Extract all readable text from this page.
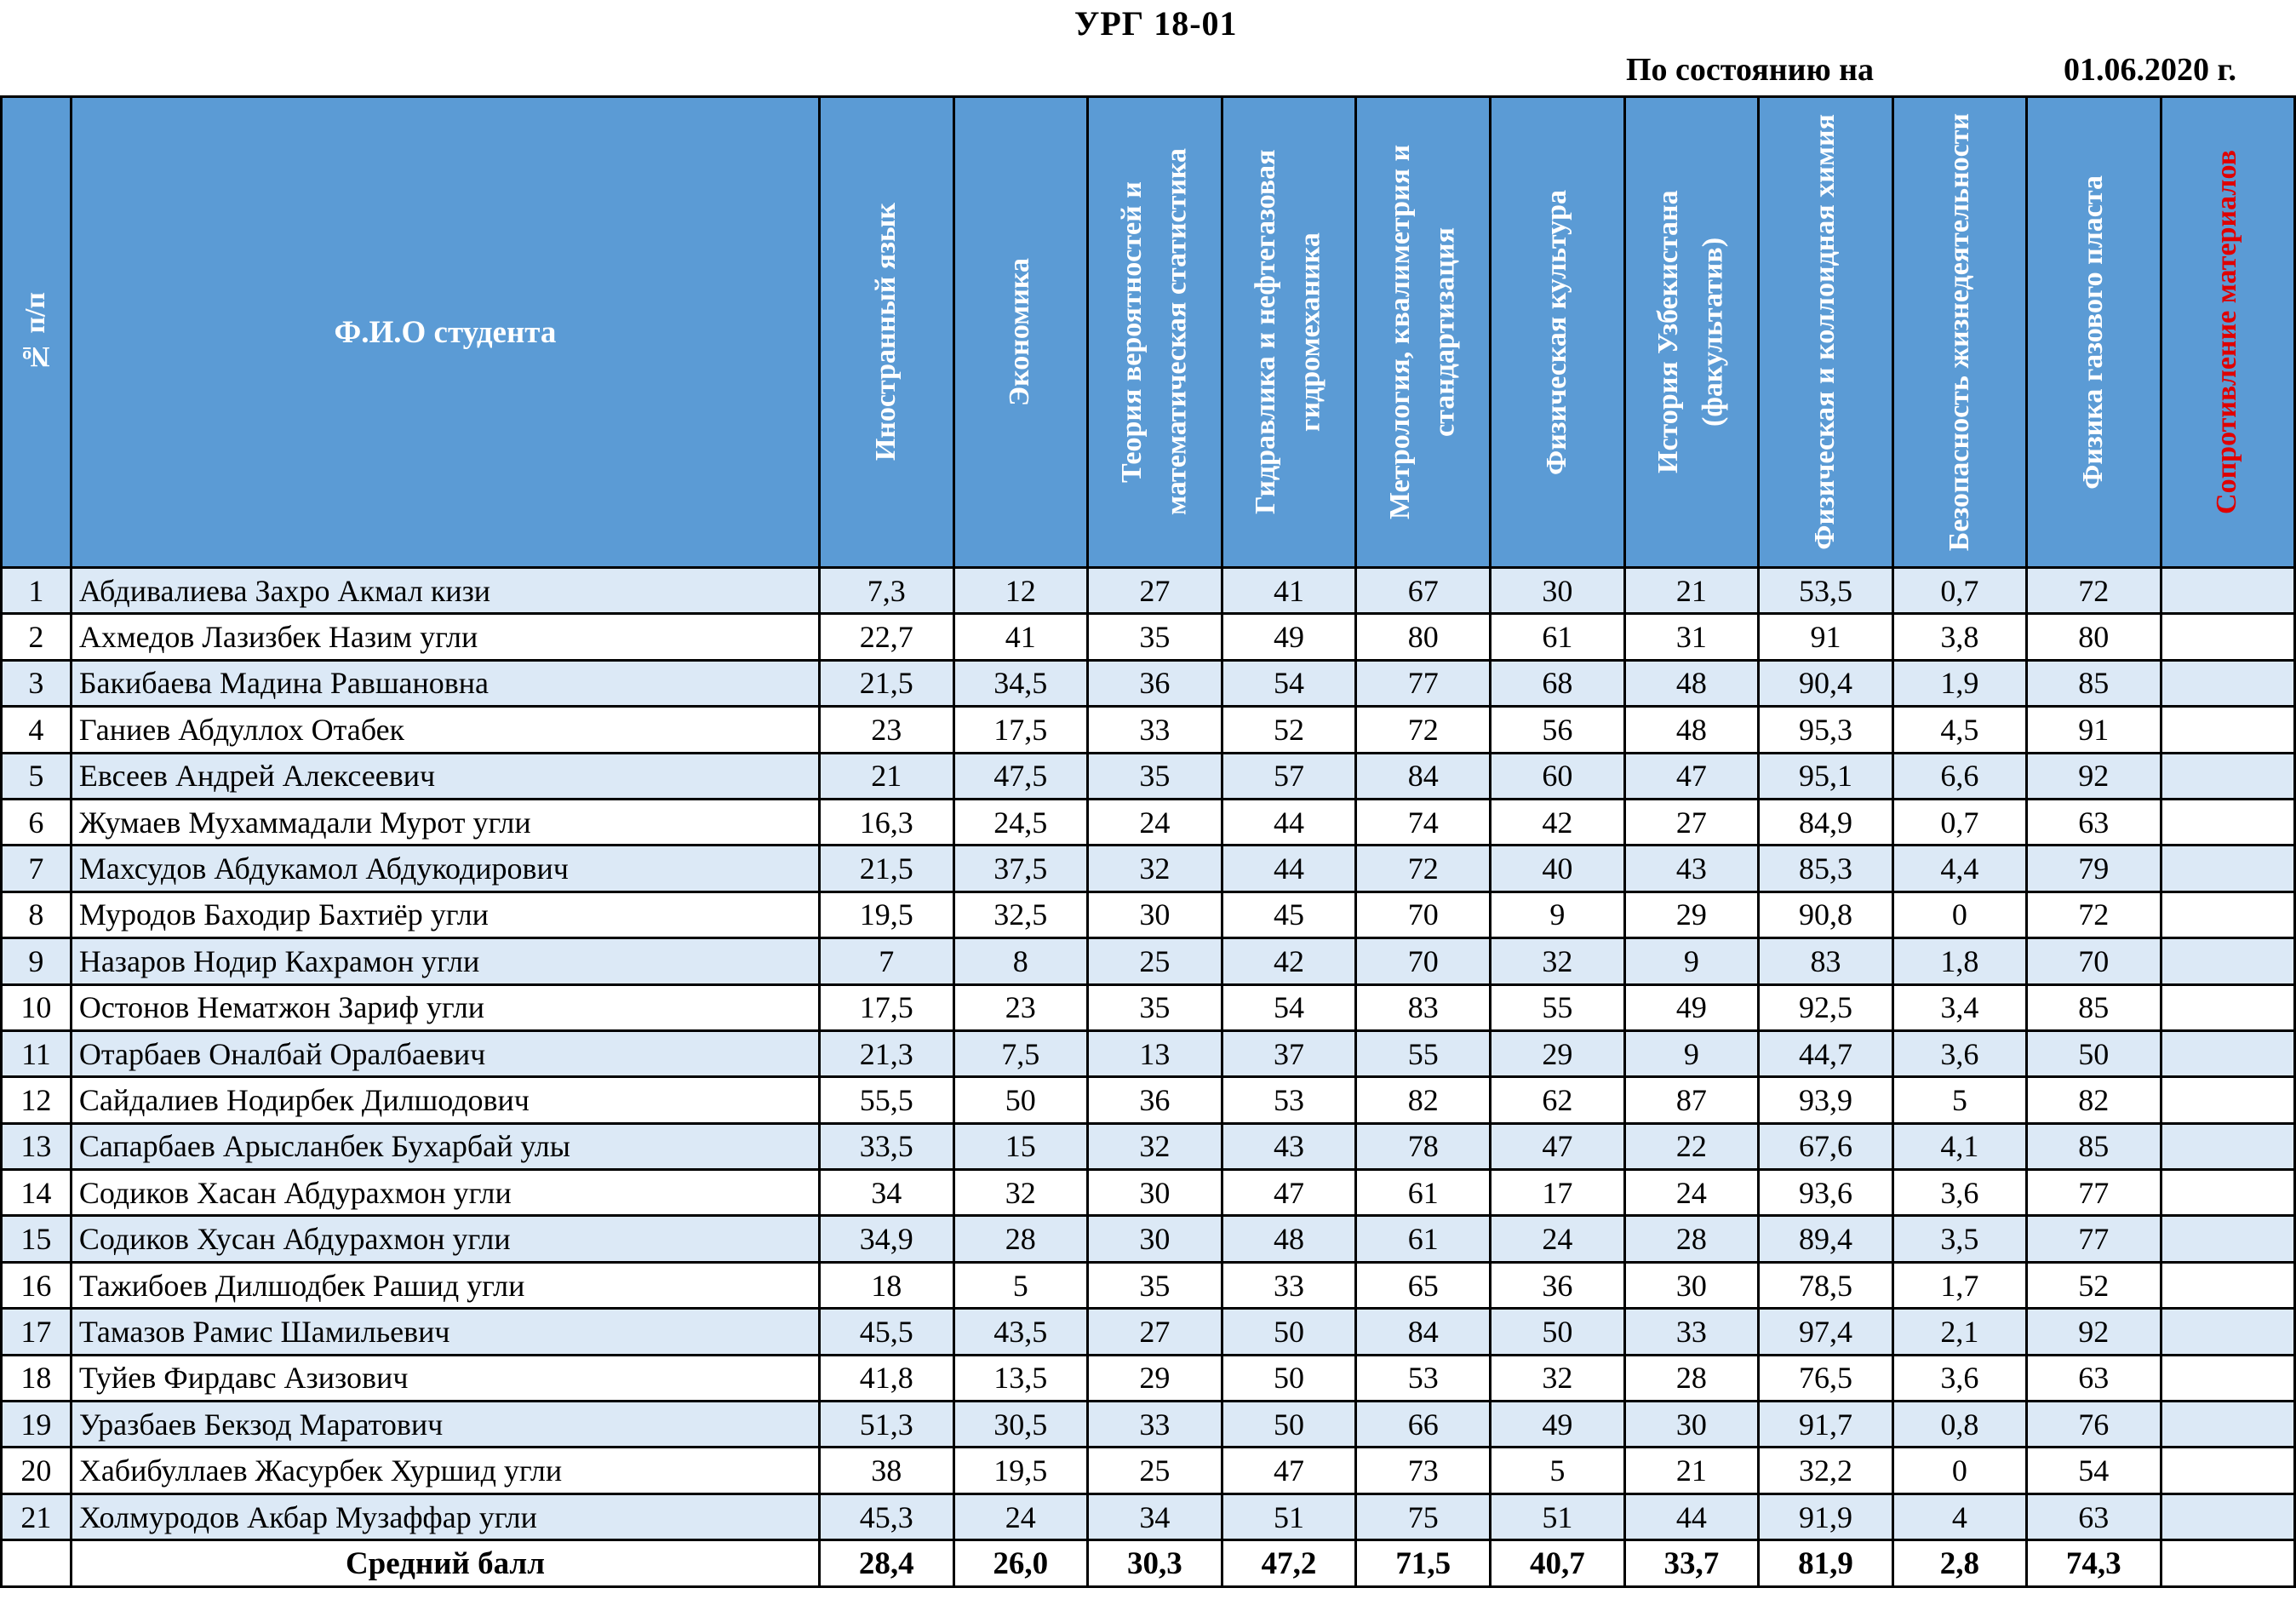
УРГ 18-01
По состоянию на	01.06.2020 г.
№ п/п	Ф.И.О студента	Иностранный язык	Экономика	Теория вероятностей и математическая статистика	Гидравлика и нефтегазовая гидромеханика	Метрология, квалиметрия и стандартизация	Физическая культура	История Узбекистана (факультатив)	Физическая и коллоидная химия	Безопасность жизнедеятельности	Физика газового пласта	Сопротивление материалов

1	Абдивалиева Захро Акмал кизи	7,3	12	27	41	67	30	21	53,5	0,7	72	
2	Ахмедов Лазизбек Назим угли	22,7	41	35	49	80	61	31	91	3,8	80	
3	Бакибаева Мадина Равшановна	21,5	34,5	36	54	77	68	48	90,4	1,9	85	
4	Ганиев Абдуллох Отабек	23	17,5	33	52	72	56	48	95,3	4,5	91	
5	Евсеев Андрей Алексеевич	21	47,5	35	57	84	60	47	95,1	6,6	92	
6	Жумаев Мухаммадали Мурот угли	16,3	24,5	24	44	74	42	27	84,9	0,7	63	
7	Махсудов Абдукамол Абдукодирович	21,5	37,5	32	44	72	40	43	85,3	4,4	79	
8	Муродов Баходир Бахтиёр угли	19,5	32,5	30	45	70	9	29	90,8	0	72	
9	Назаров Нодир Кахрамон угли	7	8	25	42	70	32	9	83	1,8	70	
10	Остонов Нематжон Зариф угли	17,5	23	35	54	83	55	49	92,5	3,4	85	
11	Отарбаев Оналбай Оралбаевич	21,3	7,5	13	37	55	29	9	44,7	3,6	50	
12	Сайдалиев Нодирбек Дилшодович	55,5	50	36	53	82	62	87	93,9	5	82	
13	Сапарбаев Арысланбек Бухарбай улы	33,5	15	32	43	78	47	22	67,6	4,1	85	
14	Содиков Хасан Абдурахмон угли	34	32	30	47	61	17	24	93,6	3,6	77	
15	Содиков Хусан Абдурахмон угли	34,9	28	30	48	61	24	28	89,4	3,5	77	
16	Тажибоев Дилшодбек Рашид угли	18	5	35	33	65	36	30	78,5	1,7	52	
17	Тамазов Рамис Шамильевич	45,5	43,5	27	50	84	50	33	97,4	2,1	92	
18	Туйев Фирдавс Азизович	41,8	13,5	29	50	53	32	28	76,5	3,6	63	
19	Уразбаев Бекзод Маратович	51,3	30,5	33	50	66	49	30	91,7	0,8	76	
20	Хабибуллаев Жасурбек Хуршид угли	38	19,5	25	47	73	5	21	32,2	0	54	
21	Холмуродов Акбар Музаффар угли	45,3	24	34	51	75	51	44	91,9	4	63	
	Средний балл	28,4	26,0	30,3	47,2	71,5	40,7	33,7	81,9	2,8	74,3	
